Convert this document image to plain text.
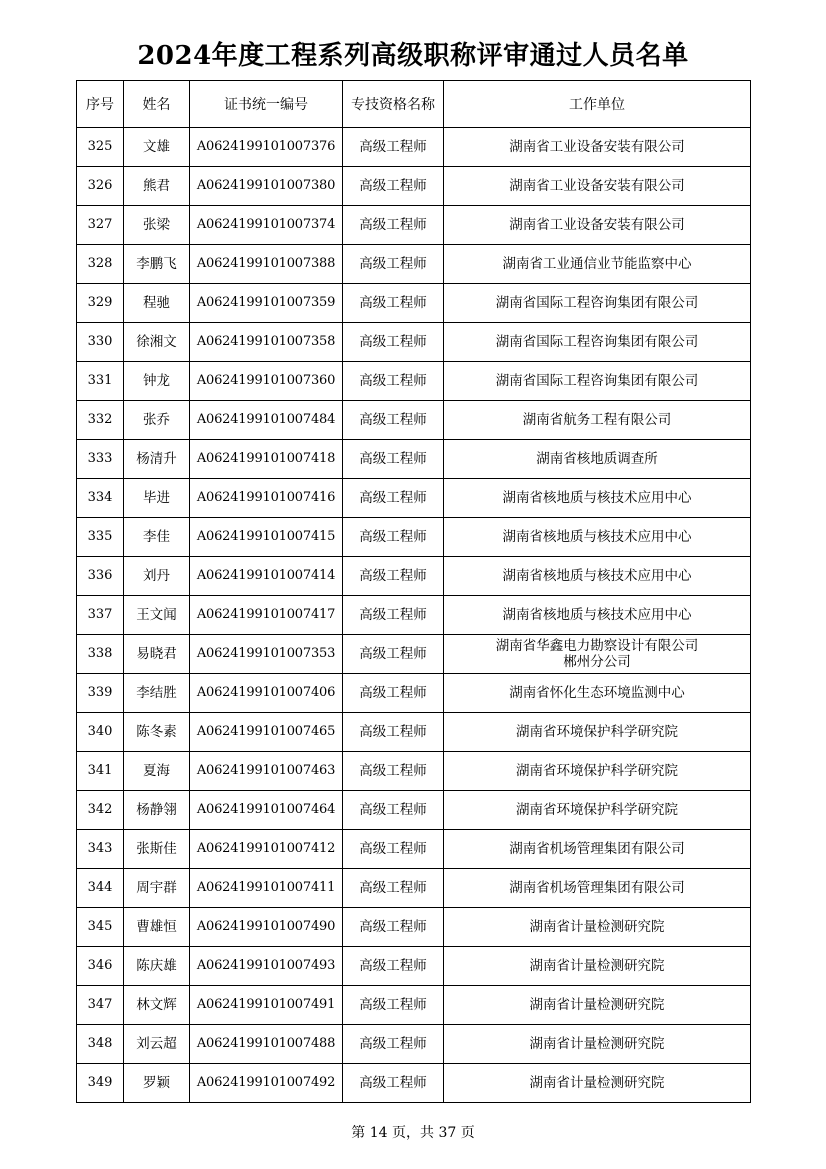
2024年度工程系列高级职称评审通过人员名单
序号	姓名	证书统一编号	专技资格名称	工作单位
325	文雄	A0624199101007376	高级工程师	湖南省工业设备安装有限公司
326	熊君	A0624199101007380	高级工程师	湖南省工业设备安装有限公司
327	张梁	A0624199101007374	高级工程师	湖南省工业设备安装有限公司
328	李鹏飞	A0624199101007388	高级工程师	湖南省工业通信业节能监察中心
329	程驰	A0624199101007359	高级工程师	湖南省国际工程咨询集团有限公司
330	徐湘文	A0624199101007358	高级工程师	湖南省国际工程咨询集团有限公司
331	钟龙	A0624199101007360	高级工程师	湖南省国际工程咨询集团有限公司
332	张乔	A0624199101007484	高级工程师	湖南省航务工程有限公司
333	杨清升	A0624199101007418	高级工程师	湖南省核地质调查所
334	毕进	A0624199101007416	高级工程师	湖南省核地质与核技术应用中心
335	李佳	A0624199101007415	高级工程师	湖南省核地质与核技术应用中心
336	刘丹	A0624199101007414	高级工程师	湖南省核地质与核技术应用中心
337	王文闻	A0624199101007417	高级工程师	湖南省核地质与核技术应用中心
338	易晓君	A0624199101007353	高级工程师	湖南省华鑫电力勘察设计有限公司
郴州分公司

339	李结胜	A0624199101007406	高级工程师	湖南省怀化生态环境监测中心
340	陈冬素	A0624199101007465	高级工程师	湖南省环境保护科学研究院
341	夏海	A0624199101007463	高级工程师	湖南省环境保护科学研究院
342	杨静翎	A0624199101007464	高级工程师	湖南省环境保护科学研究院
343	张斯佳	A0624199101007412	高级工程师	湖南省机场管理集团有限公司
344	周宇群	A0624199101007411	高级工程师	湖南省机场管理集团有限公司
345	曹雄恒	A0624199101007490	高级工程师	湖南省计量检测研究院
346	陈庆雄	A0624199101007493	高级工程师	湖南省计量检测研究院
347	林文辉	A0624199101007491	高级工程师	湖南省计量检测研究院
348	刘云超	A0624199101007488	高级工程师	湖南省计量检测研究院
349	罗颖	A0624199101007492	高级工程师	湖南省计量检测研究院
第 14 页，共 37 页
